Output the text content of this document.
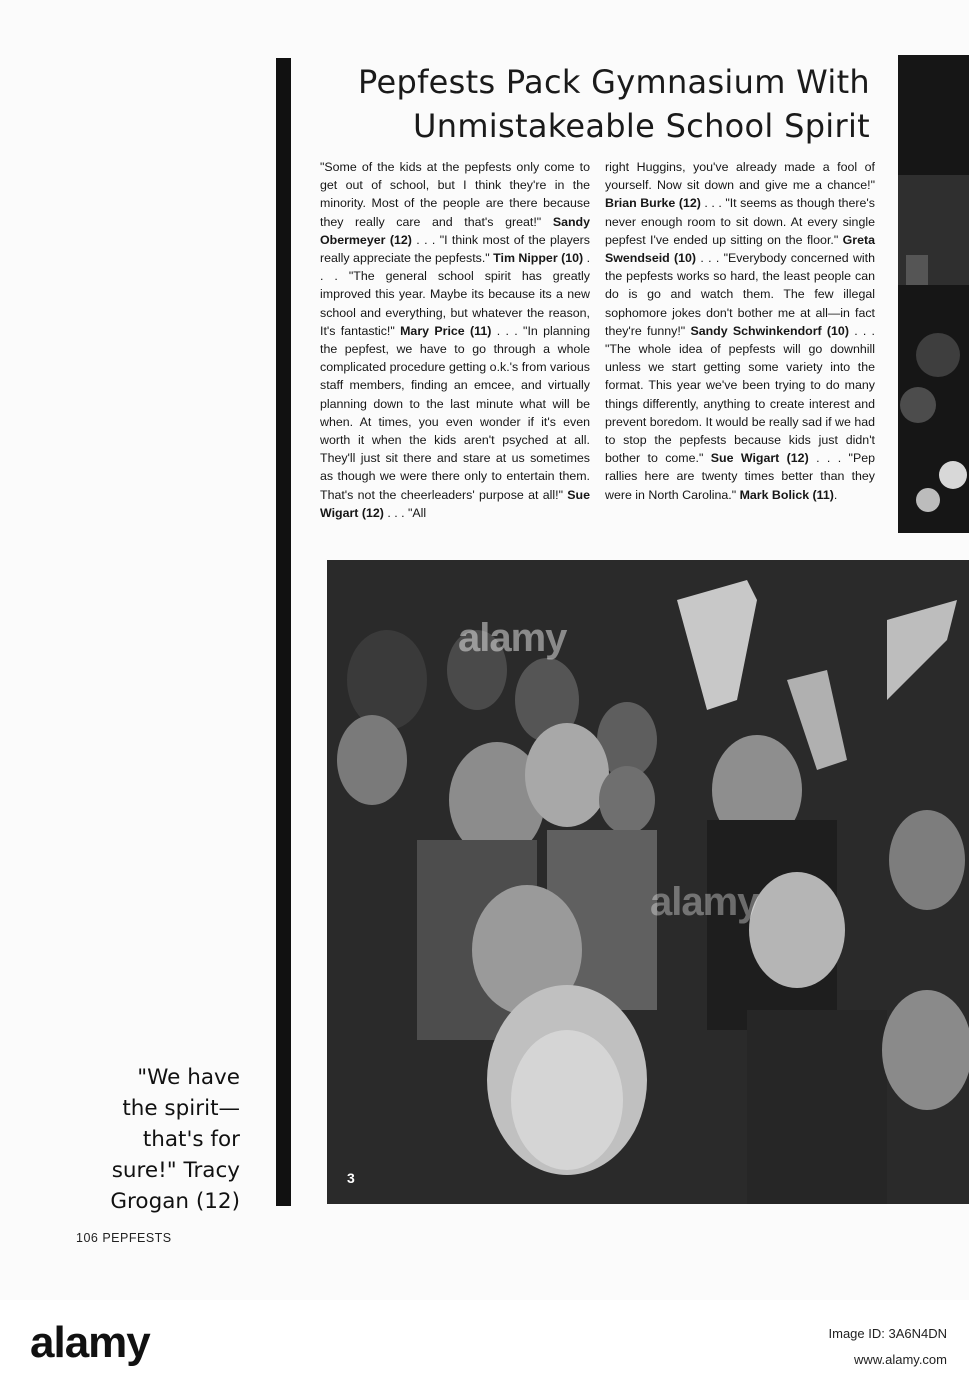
Pepfests Pack Gymnasium With
Unmistakeable School Spirit

"Some of the kids at the pepfests only come to get out of school, but I think they're in the minority. Most of the people are there because they really care and that's great!" Sandy Obermeyer (12) . . . "I think most of the players really appreciate the pepfests." Tim Nipper (10) . . . "The general school spirit has greatly improved this year. Maybe its because its a new school and everything, but whatever the reason, It's fantastic!" Mary Price (11) . . . "In planning the pepfest, we have to go through a whole complicated procedure getting o.k.'s from various staff members, finding an emcee, and virtually planning down to the last minute what will be when. At times, you even wonder if it's even worth it when the kids aren't psyched at all. They'll just sit there and stare at us sometimes as though we were there only to entertain them. That's not the cheerleaders' purpose at all!" Sue Wigart (12) . . . "All

right Huggins, you've already made a fool of yourself. Now sit down and give me a chance!" Brian Burke (12) . . . "It seems as though there's never enough room to sit down. At every single pepfest I've ended up sitting on the floor." Greta Swendseid (10) . . . "Everybody concerned with the pepfests works so hard, the least people can do is go and watch them. The few illegal sophomore jokes don't bother me at all—in fact they're funny!" Sandy Schwinkendorf (10) . . . "The whole idea of pepfests will go downhill unless we start getting some variety into the format. This year we've been trying to do many things differently, anything to create interest and prevent boredom. It would be really sad if we had to stop the pepfests because kids just didn't bother to come." Sue Wigart (12) . . . "Pep rallies here are twenty times better than they were in North Carolina." Mark Bolick (11).

3
alamy
alamy
"We have
the spirit—
that's for
sure!" Tracy
Grogan (12)
106 PEPFESTS
alamy	Image ID: 3A6N4DN
www.alamy.com
